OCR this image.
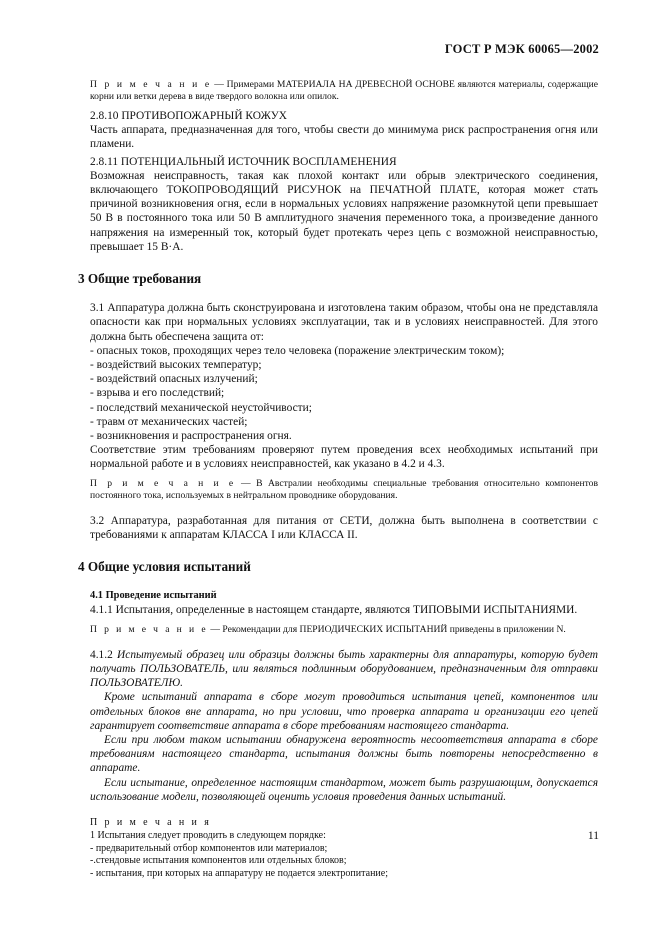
ГОСТ Р МЭК 60065—2002

П р и м е ч а н и е — Примерами МАТЕРИАЛА НА ДРЕВЕСНОЙ ОСНОВЕ являются материалы, содержащие корни или ветки дерева в виде твердого волокна или опилок.

2.8.10 ПРОТИВОПОЖАРНЫЙ КОЖУХ

Часть аппарата, предназначенная для того, чтобы свести до минимума риск распространения огня или пламени.

2.8.11 ПОТЕНЦИАЛЬНЫЙ ИСТОЧНИК ВОСПЛАМЕНЕНИЯ

Возможная неисправность, такая как плохой контакт или обрыв электрического соединения, включающего ТОКОПРОВОДЯЩИЙ РИСУНОК на ПЕЧАТНОЙ ПЛАТЕ, которая может стать причиной возникновения огня, если в нормальных условиях напряжение разомкнутой цепи превышает 50 В в постоянного тока или 50 В амплитудного значения переменного тока, а произведение данного напряжения на измеренный ток, который будет протекать через цепь с возможной неисправностью, превышает 15 В·А.

3 Общие требования

3.1 Аппаратура должна быть сконструирована и изготовлена таким образом, чтобы она не представляла опасности как при нормальных условиях эксплуатации, так и в условиях неисправностей. Для этого должна быть обеспечена защита от:

- опасных токов, проходящих через тело человека (поражение электрическим током);

- воздействий высоких температур;

- воздействий опасных излучений;

- взрыва и его последствий;

- последствий механической неустойчивости;

- травм от механических частей;

- возникновения и распространения огня.

Соответствие этим требованиям проверяют путем проведения всех необходимых испытаний при нормальной работе и в условиях неисправностей, как указано в 4.2 и 4.3.

П р и м е ч а н и е — В Австралии необходимы специальные требования относительно компонентов постоянного тока, используемых в нейтральном проводнике оборудования.

3.2 Аппаратура, разработанная для питания от СЕТИ, должна быть выполнена в соответствии с требованиями к аппаратам КЛАССА I или КЛАССА II.

4 Общие условия испытаний
4.1 Проведение испытаний

4.1.1 Испытания, определенные в настоящем стандарте, являются ТИПОВЫМИ ИСПЫТАНИЯМИ.

П р и м е ч а н и е — Рекомендации для ПЕРИОДИЧЕСКИХ ИСПЫТАНИЙ приведены в приложении N.

4.1.2 Испытуемый образец или образцы должны быть характерны для аппаратуры, которую будет получать ПОЛЬЗОВАТЕЛЬ, или являться подлинным оборудованием, предназначенным для отправки ПОЛЬЗОВАТЕЛЮ.

Кроме испытаний аппарата в сборе могут проводиться испытания цепей, компонентов или отдельных блоков вне аппарата, но при условии, что проверка аппарата и организации его цепей гарантирует соответствие аппарата в сборе требованиям настоящего стандарта.

Если при любом таком испытании обнаружена вероятность несоответствия аппарата в сборе требованиям настоящего стандарта, испытания должны быть повторены непосредственно в аппарате.

Если испытание, определенное настоящим стандартом, может быть разрушающим, допускается использование модели, позволяющей оценить условия проведения данных испытаний.

П р и м е ч а н и я

1 Испытания следует проводить в следующем порядке:

- предварительный отбор компонентов или материалов;

-.стендовые испытания компонентов или отдельных блоков;

- испытания, при которых на аппаратуру не подается электропитание;

11
